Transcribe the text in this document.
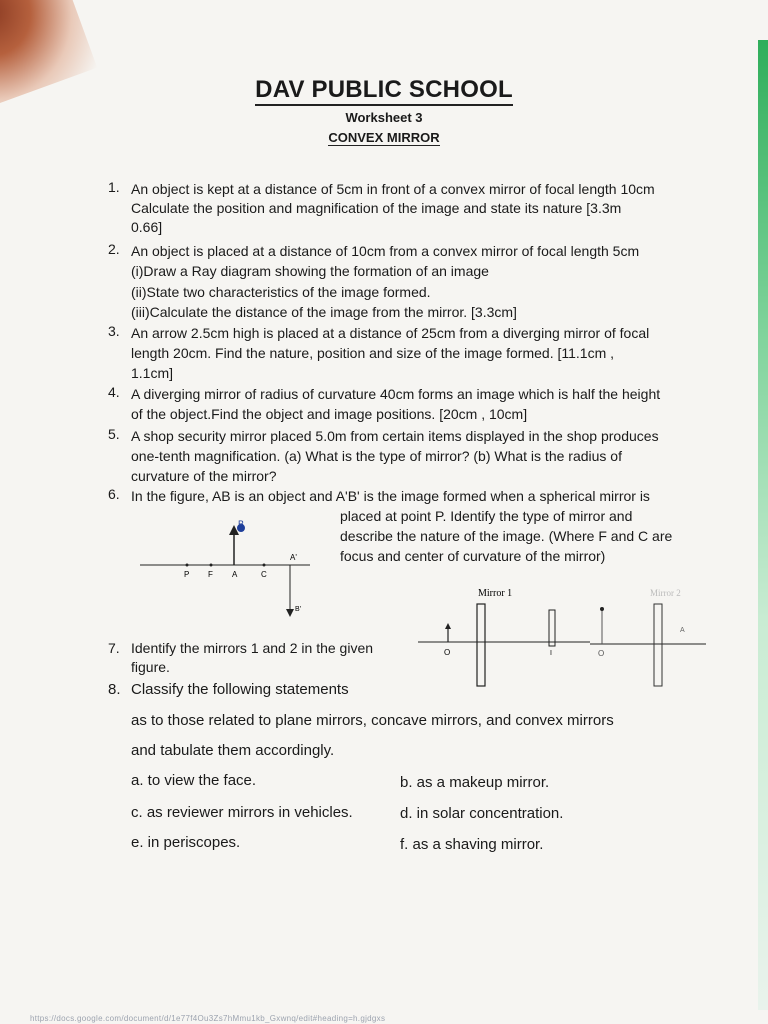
DAV PUBLIC SCHOOL
Worksheet 3
CONVEX MIRROR
1. An object is kept at a distance of 5cm in front of a convex mirror of focal length 10cm
Calculate the position and magnification of the image and state its nature [3.3m
0.66]
2. An object is placed at a distance of 10cm from a convex mirror of focal length 5cm
(i)Draw a Ray diagram showing the formation of an image
(ii)State two characteristics of the image formed.
(iii)Calculate the distance of the image from the mirror. [3.3cm]
3. An arrow 2.5cm high is placed at a distance of 25cm from a diverging mirror of focal
length 20cm. Find the nature, position and size of the image formed. [11.1cm ,
1.1cm]
4. A diverging mirror of radius of curvature 40cm forms an image which is half the height
of the object.Find the object and image positions. [20cm , 10cm]
5. A shop security mirror placed 5.0m from certain items displayed in the shop produces
one-tenth magnification. (a) What is the type of mirror? (b) What is the radius of
curvature of the mirror?
6. In the figure, AB is an object and A'B' is the image formed when a spherical mirror is
placed at point P. Identify the type of mirror and
describe the nature of the image. (Where F and C are
focus and center of curvature of the mirror)
B
A'
P F A	C
B'
7. Identify the mirrors 1 and 2 in the given
figure.
Mirror 1
O	I
Mirror 2
O
A
8. Classify the following statements
as to those related to plane mirrors, concave mirrors, and convex mirrors
and tabulate them accordingly.
a. to view the face.	b. as a makeup mirror.
c. as reviewer mirrors in vehicles.	d. in solar concentration.
e. in periscopes.	f. as a shaving mirror.
https://docs.google.com/document/d/1e77f4Ou3Zs7hMmu1kb_Gxwnq/edit#heading=h.gjdgxs
